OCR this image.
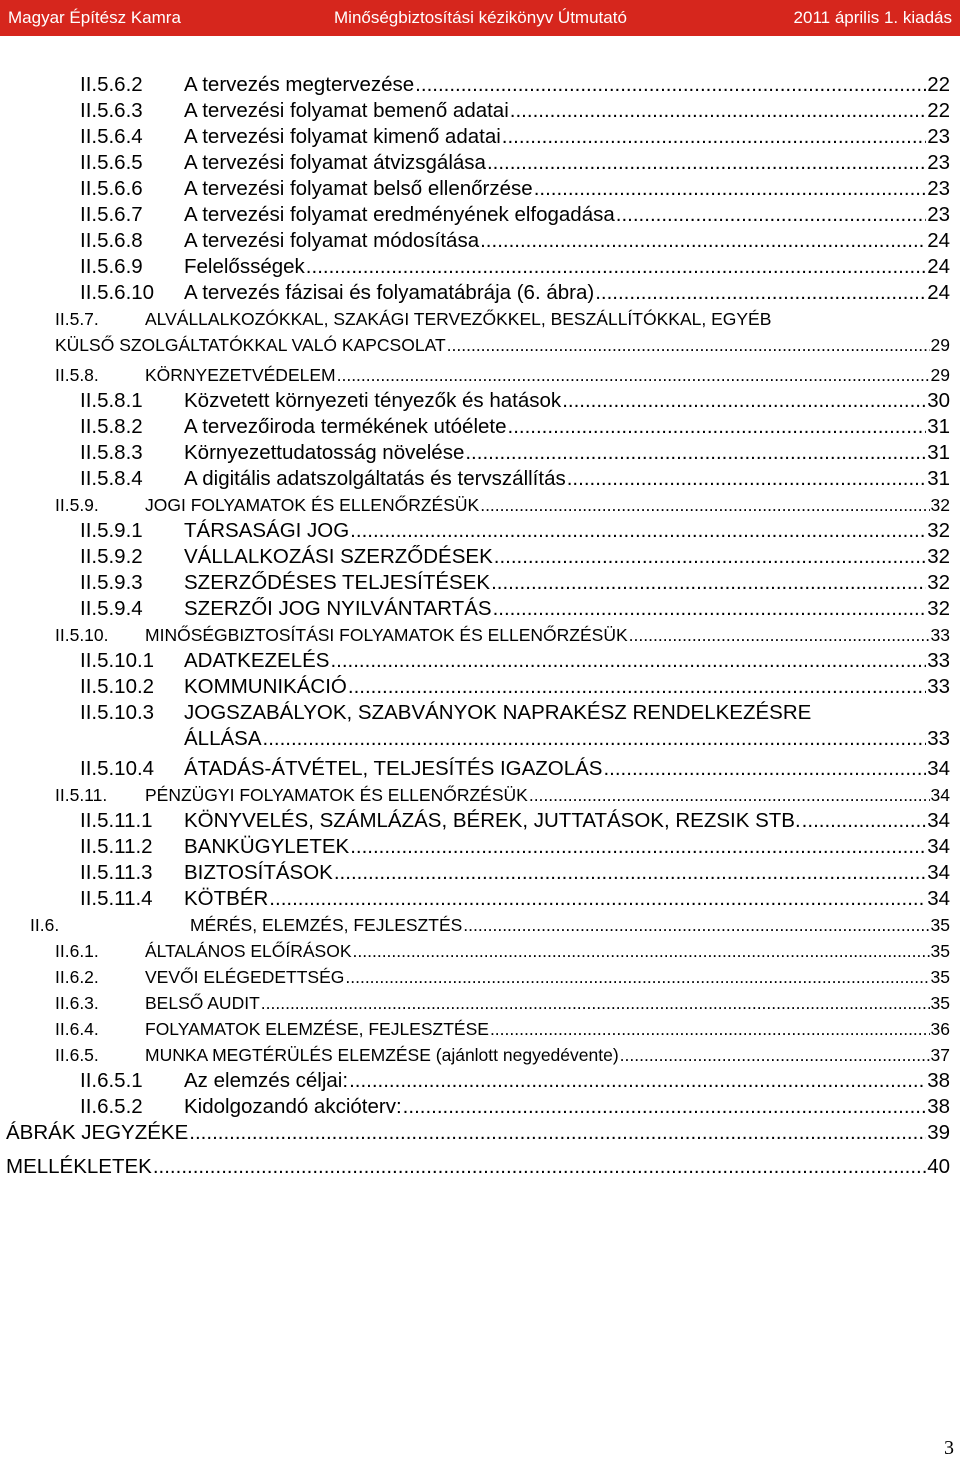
Magyar Építész Kamra	Minőségbiztosítási kézikönyv Útmutató	2011 április 1. kiadás
II.5.6.2	A tervezés megtervezése .....	22
II.5.6.3	A tervezési folyamat bemenő adatai .....	22
II.5.6.4	A tervezési folyamat kimenő adatai .....	23
II.5.6.5	A tervezési folyamat átvizsgálása .....	23
II.5.6.6	A tervezési folyamat belső ellenőrzése .....	23
II.5.6.7	A tervezési folyamat eredményének elfogadása .....	23
II.5.6.8	A tervezési folyamat módosítása .....	24
II.5.6.9	Felelősségek .....	24
II.5.6.10	A tervezés fázisai és folyamatábrája (6. ábra) .....	24
II.5.7.	ALVÁLLALKOZÓKKAL, SZAKÁGI TERVEZŐKKEL, BESZÁLLÍTÓKKAL, EGYÉB
KÜLSŐ SZOLGÁLTATÓKKAL VALÓ KAPCSOLAT .....	29
II.5.8.	KÖRNYEZETVÉDELEM .....	29
II.5.8.1	Közvetett környezeti tényezők és hatások .....	30
II.5.8.2	A tervezőiroda termékének utóélete .....	31
II.5.8.3	Környezettudatosság növelése .....	31
II.5.8.4	A digitális adatszolgáltatás és tervszállítás .....	31
II.5.9.	JOGI FOLYAMATOK ÉS ELLENŐRZÉSÜK .....	32
II.5.9.1	TÁRSASÁGI JOG .....	32
II.5.9.2	VÁLLALKOZÁSI SZERZŐDÉSEK .....	32
II.5.9.3	SZERZŐDÉSES TELJESÍTÉSEK .....	32
II.5.9.4	SZERZŐI JOG NYILVÁNTARTÁS .....	32
II.5.10.	MINŐSÉGBIZTOSÍTÁSI FOLYAMATOK ÉS ELLENŐRZÉSÜK .....	33
II.5.10.1	ADATKEZELÉS .....	33
II.5.10.2	KOMMUNIKÁCIÓ .....	33
II.5.10.3	JOGSZABÁLYOK, SZABVÁNYOK NAPRAKÉSZ RENDELKEZÉSRE
ÁLLÁSA .....	33
II.5.10.4	ÁTADÁS-ÁTVÉTEL, TELJESÍTÉS IGAZOLÁS .....	34
II.5.11.	PÉNZÜGYI FOLYAMATOK ÉS ELLENŐRZÉSÜK .....	34
II.5.11.1	KÖNYVELÉS, SZÁMLÁZÁS, BÉREK, JUTTATÁSOK, REZSIK STB. .....	34
II.5.11.2	BANKÜGYLETEK .....	34
II.5.11.3	BIZTOSÍTÁSOK .....	34
II.5.11.4	KÖTBÉR .....	34
II.6.	MÉRÉS, ELEMZÉS, FEJLESZTÉS .....	35
II.6.1.	ÁLTALÁNOS ELŐÍRÁSOK .....	35
II.6.2.	VEVŐI ELÉGEDETTSÉG .....	35
II.6.3.	BELSŐ AUDIT .....	35
II.6.4.	FOLYAMATOK ELEMZÉSE, FEJLESZTÉSE .....	36
II.6.5.	MUNKA MEGTÉRÜLÉS ELEMZÉSE (ajánlott negyedévente) .....	37
II.6.5.1	Az elemzés céljai: .....	38
II.6.5.2	Kidolgozandó akcióterv: .....	38
ÁBRÁK JEGYZÉKE .....	39
MELLÉKLETEK .....	40
3
